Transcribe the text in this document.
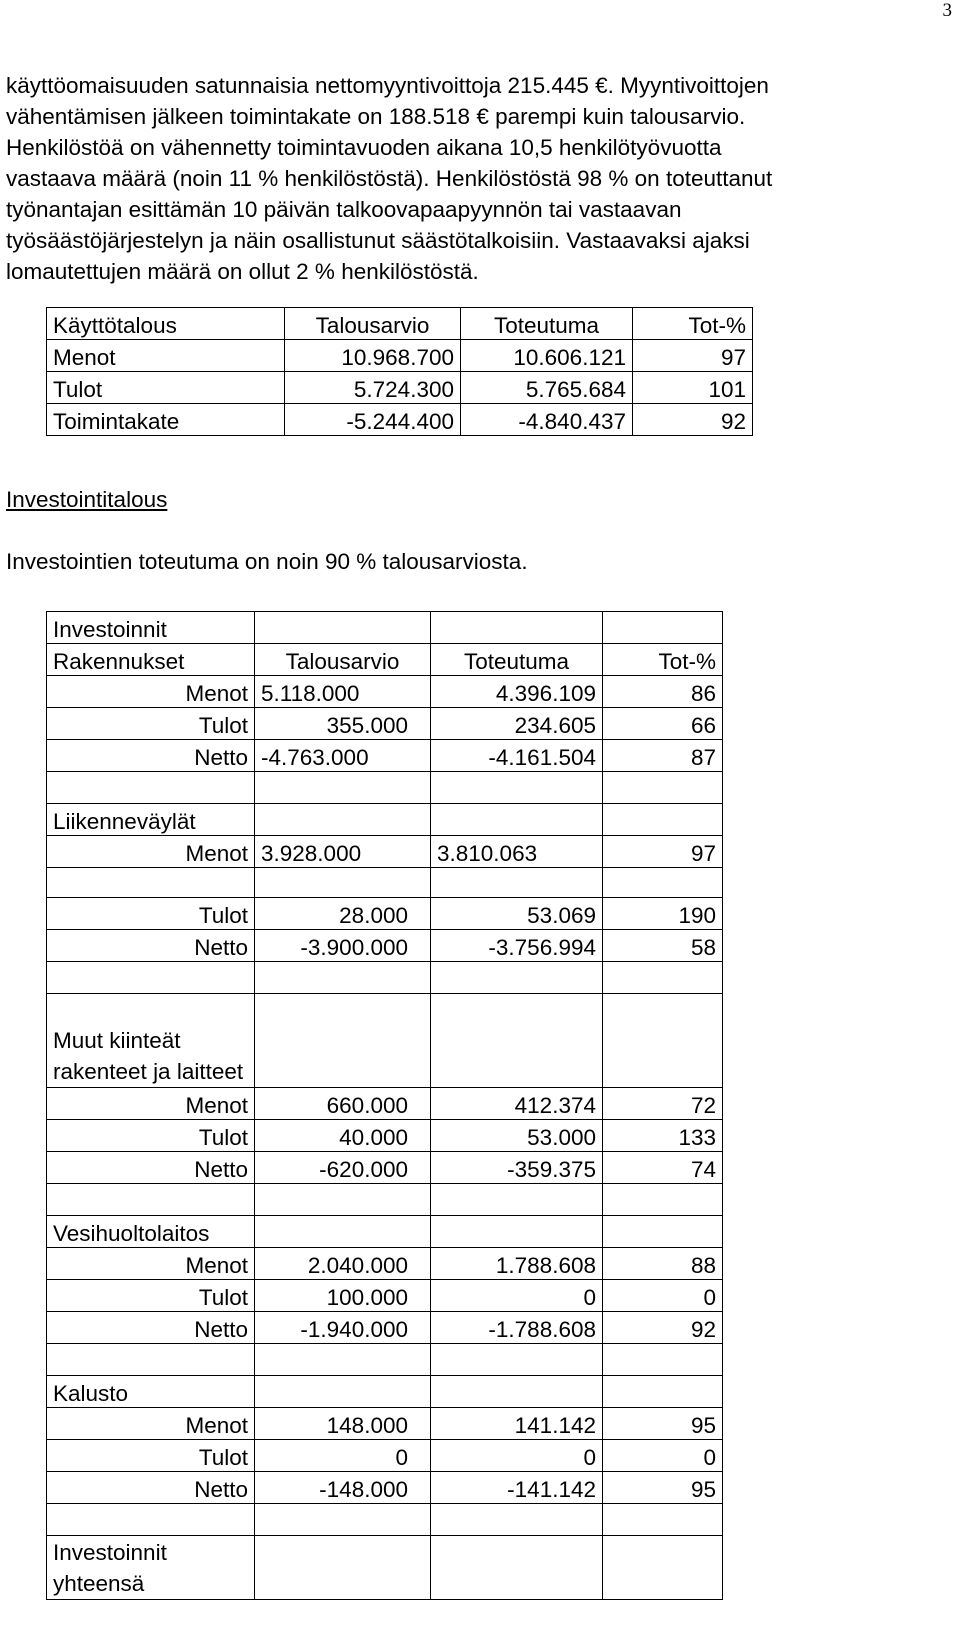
3
käyttöomaisuuden satunnaisia nettomyyntivoittoja 215.445 €. Myyntivoittojen
vähentämisen jälkeen toimintakate on 188.518 € parempi kuin talousarvio.
Henkilöstöä on vähennetty toimintavuoden aikana 10,5 henkilötyövuotta
vastaava määrä (noin 11 % henkilöstöstä). Henkilöstöstä 98 % on toteuttanut
työnantajan esittämän 10 päivän talkoovapaapyynnön tai vastaavan
työsäästöjärjestelyn ja näin osallistunut säästötalkoisiin. Vastaavaksi ajaksi
lomautettujen määrä on ollut 2 % henkilöstöstä.
Käyttötalous	Talousarvio	Toteutuma	Tot-%
Menot	10.968.700	10.606.121	97
Tulot	5.724.300	5.765.684	101
Toimintakate	-5.244.400	-4.840.437	92
Investointitalous
Investointien toteutuma on noin 90 % talousarviosta.
Investoinnit			
Rakennukset	Talousarvio	Toteutuma	Tot-%
Menot	5.118.000	4.396.109	86
Tulot	355.000	234.605	66
Netto	-4.763.000	-4.161.504	87

Liikenneväylät			
Menot	3.928.000	3.810.063	97

Tulot	28.000	53.069	190
Netto	-3.900.000	-3.756.994	58

Muut kiinteät rakenteet ja laitteet			
Menot	660.000	412.374	72
Tulot	40.000	53.000	133
Netto	-620.000	-359.375	74

Vesihuoltolaitos			
Menot	2.040.000	1.788.608	88
Tulot	100.000	0	0
Netto	-1.940.000	-1.788.608	92

Kalusto			
Menot	148.000	141.142	95
Tulot	0	0	0
Netto	-148.000	-141.142	95

Investoinnit yhteensä			
